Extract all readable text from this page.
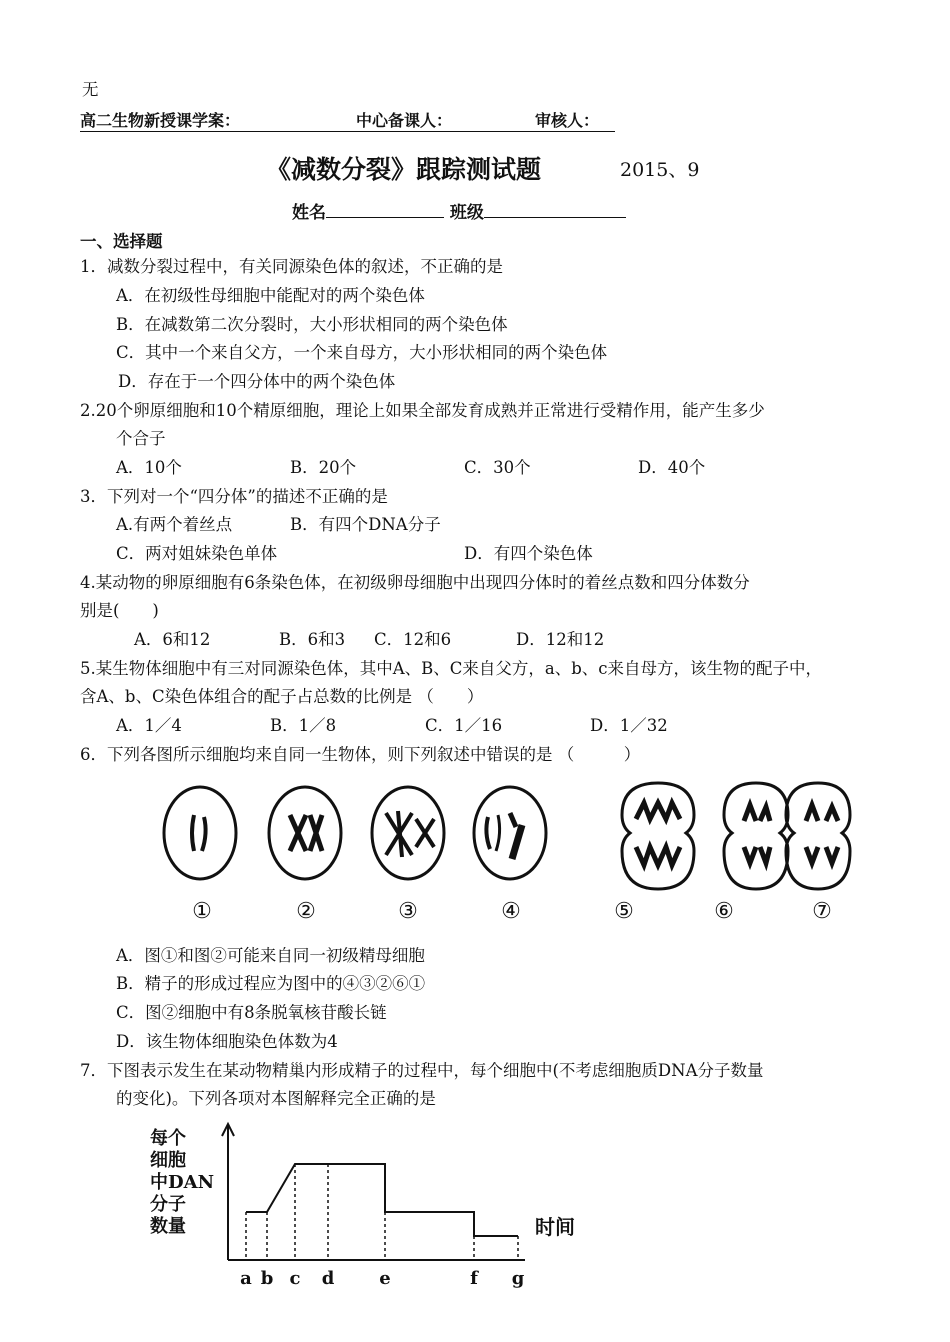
无
高二生物新授课学案：	中心备课人：	审核人：
《减数分裂》跟踪测试题	2015、9
姓名	班级
一、选择题
1．减数分裂过程中，有关同源染色体的叙述，不正确的是
A．在初级性母细胞中能配对的两个染色体
B．在减数第二次分裂时，大小形状相同的两个染色体
C．其中一个来自父方，一个来自母方，大小形状相同的两个染色体
D．存在于一个四分体中的两个染色体
2.20个卵原细胞和10个精原细胞，理论上如果全部发育成熟并正常进行受精作用，能产生多少
个合子
A．10个	B．20个	C．30个	D．40个
3．下列对一个“四分体”的描述不正确的是
A.有两个着丝点	B．有四个DNA分子
C．两对姐妹染色单体	D．有四个染色体
4.某动物的卵原细胞有6条染色体，在初级卵母细胞中出现四分体时的着丝点数和四分体数分
别是(　　)
A．6和12	B．6和3 C．12和6	D．12和12
5.某生物体细胞中有三对同源染色体，其中A、B、C来自父方，a、b、c来自母方，该生物的配子中，
含A、b、C染色体组合的配子占总数的比例是 （　　）
A．1／4	B．1／8	C．1／16	D．1／32
6．下列各图所示细胞均来自同一生物体，则下列叙述中错误的是 （　　　）
①	②	③	④	⑤	⑥	⑦
A．图①和图②可能来自同一初级精母细胞
B．精子的形成过程应为图中的④③②⑥①
C．图②细胞中有8条脱氧核苷酸长链
D．该生物体细胞染色体数为4
7．下图表示发生在某动物精巢内形成精子的过程中，每个细胞中(不考虑细胞质DNA分子数量
的变化)。下列各项对本图解释完全正确的是
每个
细胞
中DAN
分子
数量	时间
a b c d e	f g
